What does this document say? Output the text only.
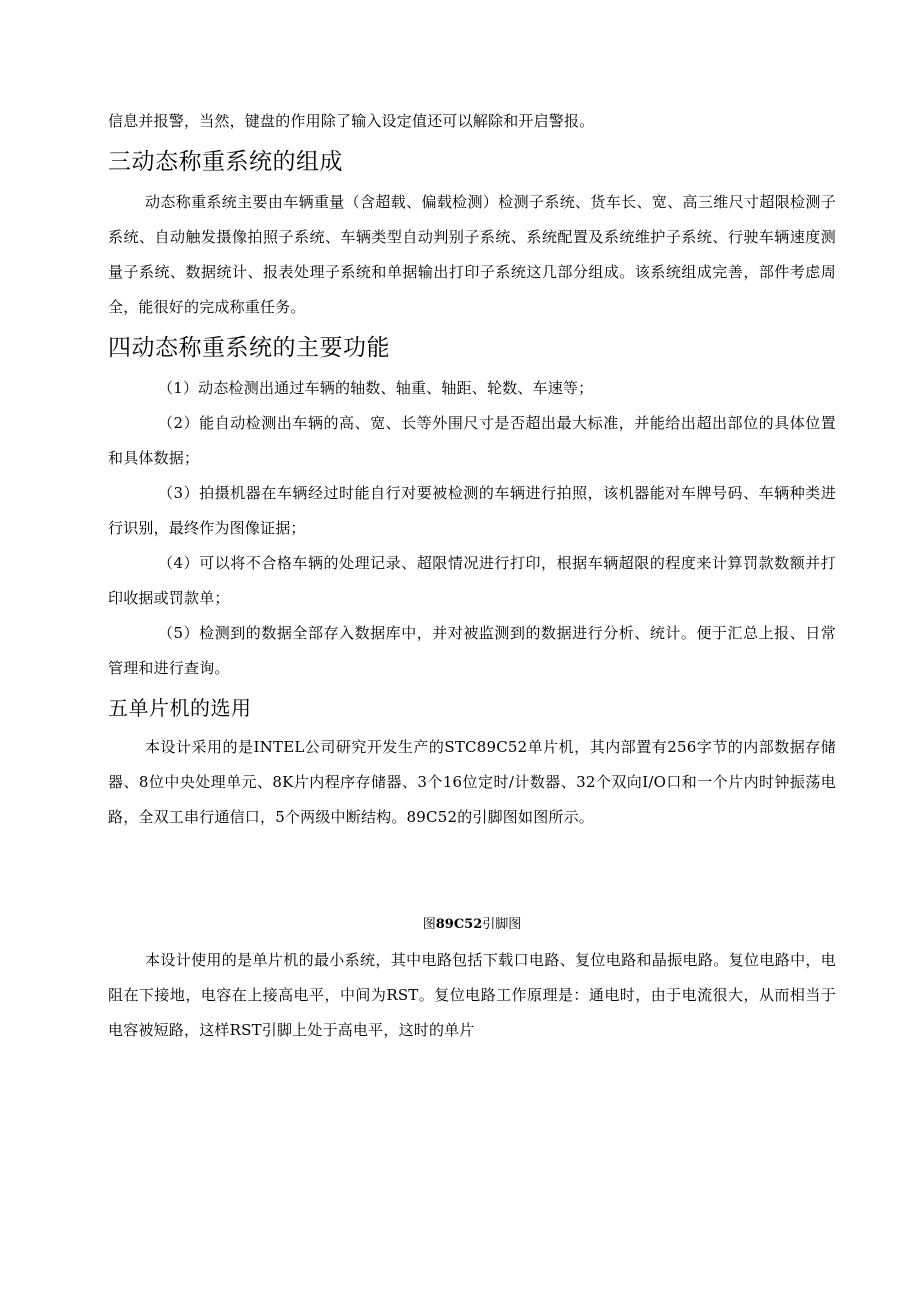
信息并报警，当然，键盘的作用除了输入设定值还可以解除和开启警报。

三动态称重系统的组成

动态称重系统主要由车辆重量（含超载、偏载检测）检测子系统、货车长、宽、高三维尺寸超限检测子系统、自动触发摄像拍照子系统、车辆类型自动判别子系统、系统配置及系统维护子系统、行驶车辆速度测量子系统、数据统计、报表处理子系统和单据输出打印子系统这几部分组成。该系统组成完善，部件考虑周全，能很好的完成称重任务。

四动态称重系统的主要功能

（1）动态检测出通过车辆的轴数、轴重、轴距、轮数、车速等；

（2）能自动检测出车辆的高、宽、长等外围尺寸是否超出最大标准，并能给出超出部位的具体位置和具体数据；

（3）拍摄机器在车辆经过时能自行对要被检测的车辆进行拍照，该机器能对车牌号码、车辆种类进行识别，最终作为图像证据；

（4）可以将不合格车辆的处理记录、超限情况进行打印，根据车辆超限的程度来计算罚款数额并打印收据或罚款单；

（5）检测到的数据全部存入数据库中，并对被监测到的数据进行分析、统计。便于汇总上报、日常管理和进行查询。

五单片机的选用

本设计采用的是INTEL公司研究开发生产的STC89C52单片机，其内部置有256字节的内部数据存储器、8位中央处理单元、8K片内程序存储器、3个16位定时/计数器、32个双向I/O口和一个片内时钟振荡电路，全双工串行通信口，5个两级中断结构。89C52的引脚图如图所示。

图89C52引脚图

本设计使用的是单片机的最小系统，其中电路包括下载口电路、复位电路和晶振电路。复位电路中，电阻在下接地，电容在上接高电平，中间为RST。复位电路工作原理是：通电时，由于电流很大，从而相当于电容被短路，这样RST引脚上处于高电平，这时的单片
